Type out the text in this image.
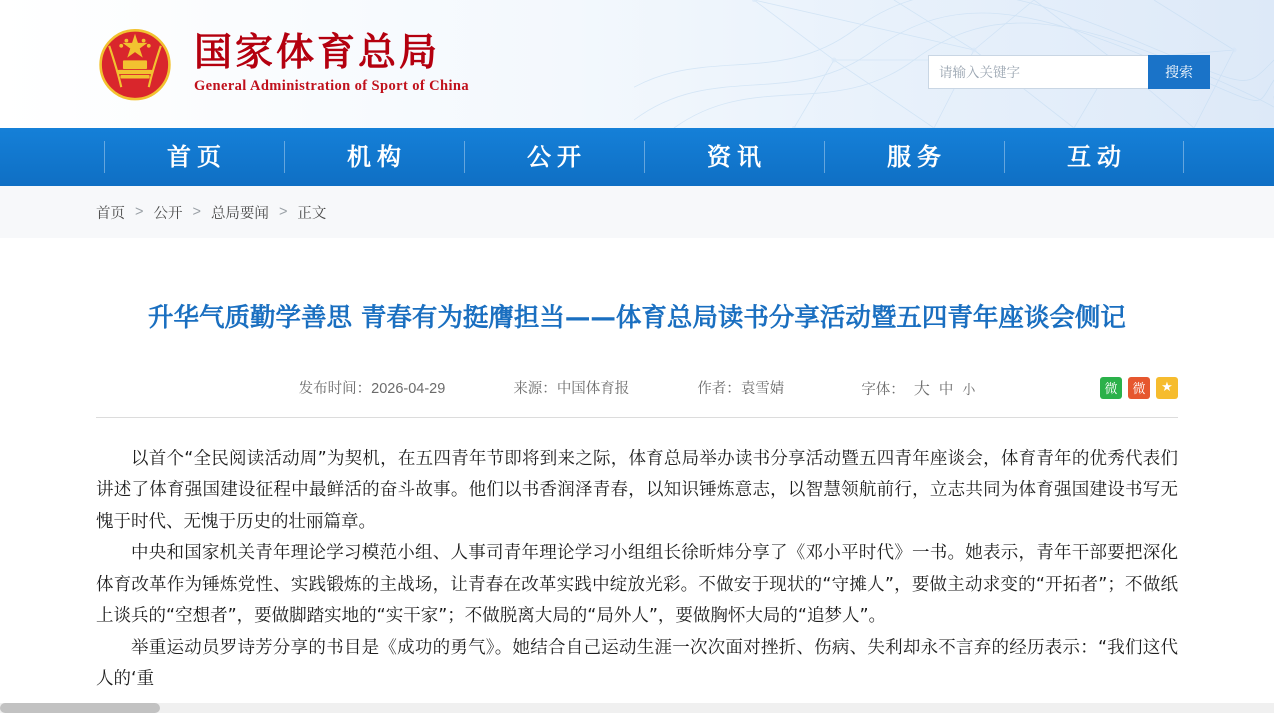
国家体育总局
General Administration of Sport of China
请输入关键字
搜索
首页	机构	公开	资讯	服务	互动
首页 > 公开 > 总局要闻 > 正文
升华气质勤学善思 青春有为挺膺担当——体育总局读书分享活动暨五四青年座谈会侧记
发布时间：2026-04-29	来源：中国体育报	作者：袁雪婧	字体： 大 中 小	微	微	★

以首个“全民阅读活动周”为契机，在五四青年节即将到来之际，体育总局举办读书分享活动暨五四青年座谈会，体育青年的优秀代表们讲述了体育强国建设征程中最鲜活的奋斗故事。他们以书香润泽青春，以知识锤炼意志，以智慧领航前行，立志共同为体育强国建设书写无愧于时代、无愧于历史的壮丽篇章。

中央和国家机关青年理论学习模范小组、人事司青年理论学习小组组长徐昕炜分享了《邓小平时代》一书。她表示，青年干部要把深化体育改革作为锤炼党性、实践锻炼的主战场，让青春在改革实践中绽放光彩。不做安于现状的“守摊人”，要做主动求变的“开拓者”；不做纸上谈兵的“空想者”，要做脚踏实地的“实干家”；不做脱离大局的“局外人”，要做胸怀大局的“追梦人”。

举重运动员罗诗芳分享的书目是《成功的勇气》。她结合自己运动生涯一次次面对挫折、伤病、失利却永不言弃的经历表示：“我们这代人的‘重
